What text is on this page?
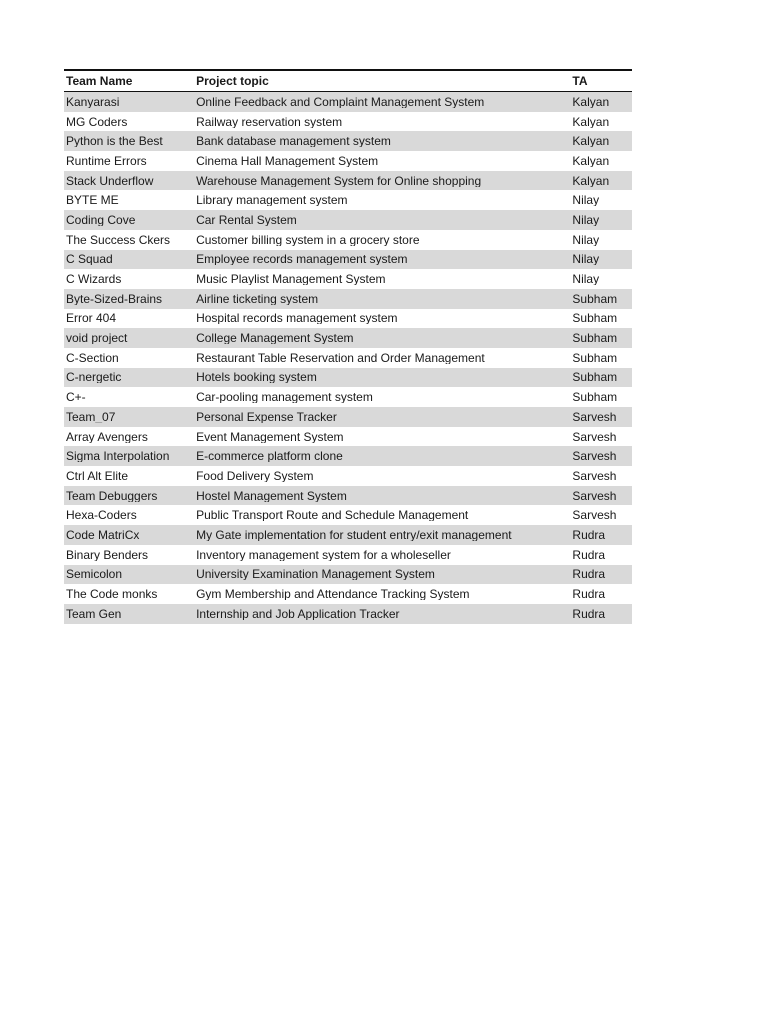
Team Name	Project topic	TA
Kanyarasi	Online Feedback and Complaint Management System	Kalyan
MG Coders	Railway reservation system	Kalyan
Python is the Best	Bank database management system	Kalyan
Runtime Errors	Cinema Hall Management System	Kalyan
Stack Underflow	Warehouse Management System for Online shopping	Kalyan
BYTE ME	Library management system	Nilay
Coding Cove	Car Rental System	Nilay
The Success Ckers	Customer billing system in a grocery store	Nilay
C Squad	Employee records management system	Nilay
C Wizards	Music Playlist Management System	Nilay
Byte-Sized-Brains	Airline ticketing system	Subham
Error 404	Hospital records management system	Subham
void project	College Management System	Subham
C-Section	Restaurant Table Reservation and Order Management	Subham
C-nergetic	Hotels booking system	Subham
C+-	Car-pooling management system	Subham
Team_07	Personal Expense Tracker	Sarvesh
Array Avengers	Event Management System	Sarvesh
Sigma Interpolation	E-commerce platform clone	Sarvesh
Ctrl Alt Elite	Food Delivery System	Sarvesh
Team Debuggers	Hostel Management System	Sarvesh
Hexa-Coders	Public Transport Route and Schedule Management	Sarvesh
Code MatriCx	My Gate implementation for student entry/exit management	Rudra
Binary Benders	Inventory management system for a wholeseller	Rudra
Semicolon	University Examination Management System	Rudra
The Code monks	Gym Membership and Attendance Tracking System	Rudra
Team Gen	Internship and Job Application Tracker	Rudra
